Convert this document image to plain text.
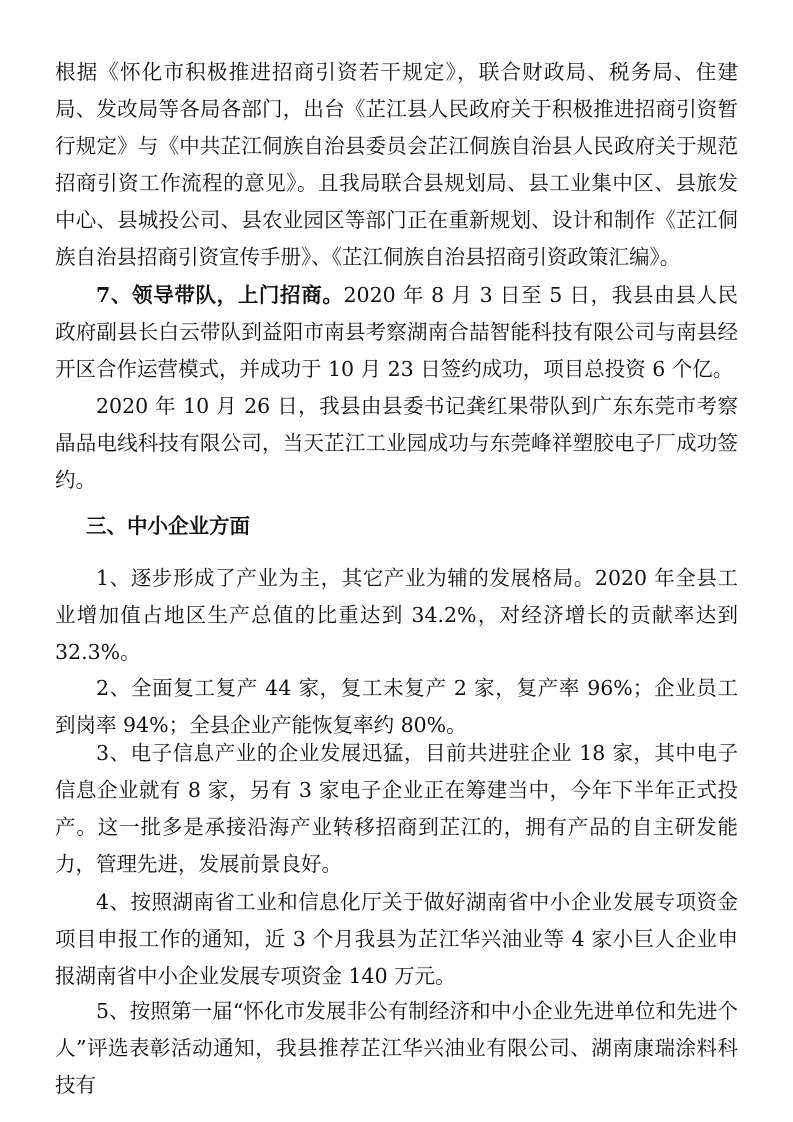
根据《怀化市积极推进招商引资若干规定》，联合财政局、税务局、住建局、发改局等各局各部门，出台《芷江县人民政府关于积极推进招商引资暂行规定》与《中共芷江侗族自治县委员会芷江侗族自治县人民政府关于规范招商引资工作流程的意见》。且我局联合县规划局、县工业集中区、县旅发中心、县城投公司、县农业园区等部门正在重新规划、设计和制作《芷江侗族自治县招商引资宣传手册》、《芷江侗族自治县招商引资政策汇编》。

7、领导带队，上门招商。2020 年 8 月 3 日至 5 日，我县由县人民政府副县长白云带队到益阳市南县考察湖南合喆智能科技有限公司与南县经开区合作运营模式，并成功于 10 月 23 日签约成功，项目总投资 6 个亿。

2020 年 10 月 26 日，我县由县委书记龚红果带队到广东东莞市考察晶品电线科技有限公司，当天芷江工业园成功与东莞峰祥塑胶电子厂成功签约。

三、中小企业方面

1、逐步形成了产业为主，其它产业为辅的发展格局。2020 年全县工业增加值占地区生产总值的比重达到 34.2%，对经济增长的贡献率达到 32.3%。

2、全面复工复产 44 家，复工未复产 2 家，复产率 96%；企业员工到岗率 94%；全县企业产能恢复率约 80%。

3、电子信息产业的企业发展迅猛，目前共进驻企业 18 家，其中电子信息企业就有 8 家，另有 3 家电子企业正在筹建当中，今年下半年正式投产。这一批多是承接沿海产业转移招商到芷江的，拥有产品的自主研发能力，管理先进，发展前景良好。

4、按照湖南省工业和信息化厅关于做好湖南省中小企业发展专项资金项目申报工作的通知，近 3 个月我县为芷江华兴油业等 4 家小巨人企业申报湖南省中小企业发展专项资金 140 万元。

5、按照第一届“怀化市发展非公有制经济和中小企业先进单位和先进个人”评选表彰活动通知，我县推荐芷江华兴油业有限公司、湖南康瑞涂料科技有
